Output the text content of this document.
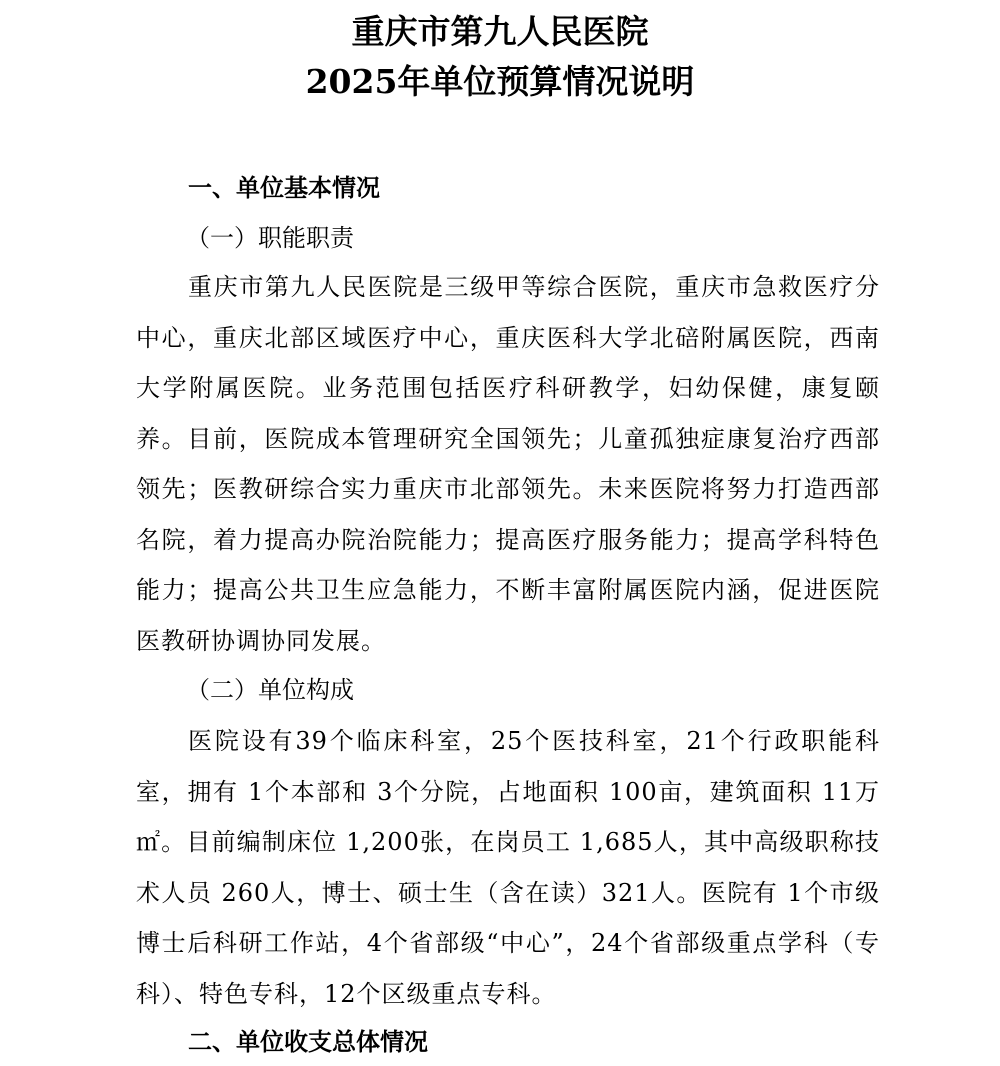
重庆市第九人民医院
2025年单位预算情况说明
一、单位基本情况
（一）职能职责
重庆市第九人民医院是三级甲等综合医院，重庆市急救医疗分中心，重庆北部区域医疗中心，重庆医科大学北碚附属医院，西南大学附属医院。业务范围包括医疗科研教学，妇幼保健，康复颐养。目前，医院成本管理研究全国领先；儿童孤独症康复治疗西部领先；医教研综合实力重庆市北部领先。未来医院将努力打造西部名院，着力提高办院治院能力；提高医疗服务能力；提高学科特色能力；提高公共卫生应急能力，不断丰富附属医院内涵，促进医院医教研协调协同发展。
（二）单位构成
医院设有39个临床科室，25个医技科室，21个行政职能科室，拥有 1个本部和 3个分院，占地面积 100亩，建筑面积 11万㎡。目前编制床位 1,200张，在岗员工 1,685人，其中高级职称技术人员 260人，博士、硕士生（含在读）321人。医院有 1个市级博士后科研工作站，4个省部级“中心”，24个省部级重点学科（专科）、特色专科，12个区级重点专科。
二、单位收支总体情况
